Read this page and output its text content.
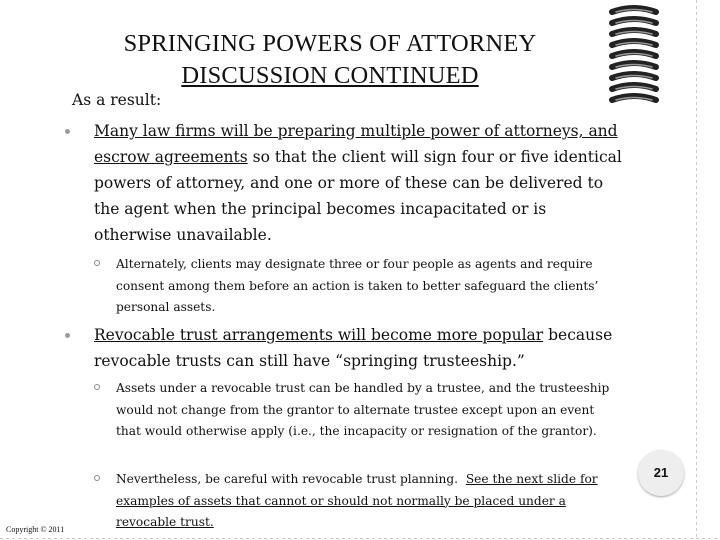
SPRINGING POWERS OF ATTORNEY
DISCUSSION CONTINUED
As a result:
Many law firms will be preparing multiple power of attorneys, and escrow agreements so that the client will sign four or five identical powers of attorney, and one or more of these can be delivered to the agent when the principal becomes incapacitated or is otherwise unavailable.
Alternately, clients may designate three or four people as agents and require consent among them before an action is taken to better safeguard the clients’ personal assets.
Revocable trust arrangements will become more popular because revocable trusts can still have “springing trusteeship.”
Assets under a revocable trust can be handled by a trustee, and the trusteeship would not change from the grantor to alternate trustee except upon an event that would otherwise apply (i.e., the incapacity or resignation of the grantor).
Nevertheless, be careful with revocable trust planning.  See the next slide for examples of assets that cannot or should not normally be placed under a revocable trust.
21
Copyright © 2011
